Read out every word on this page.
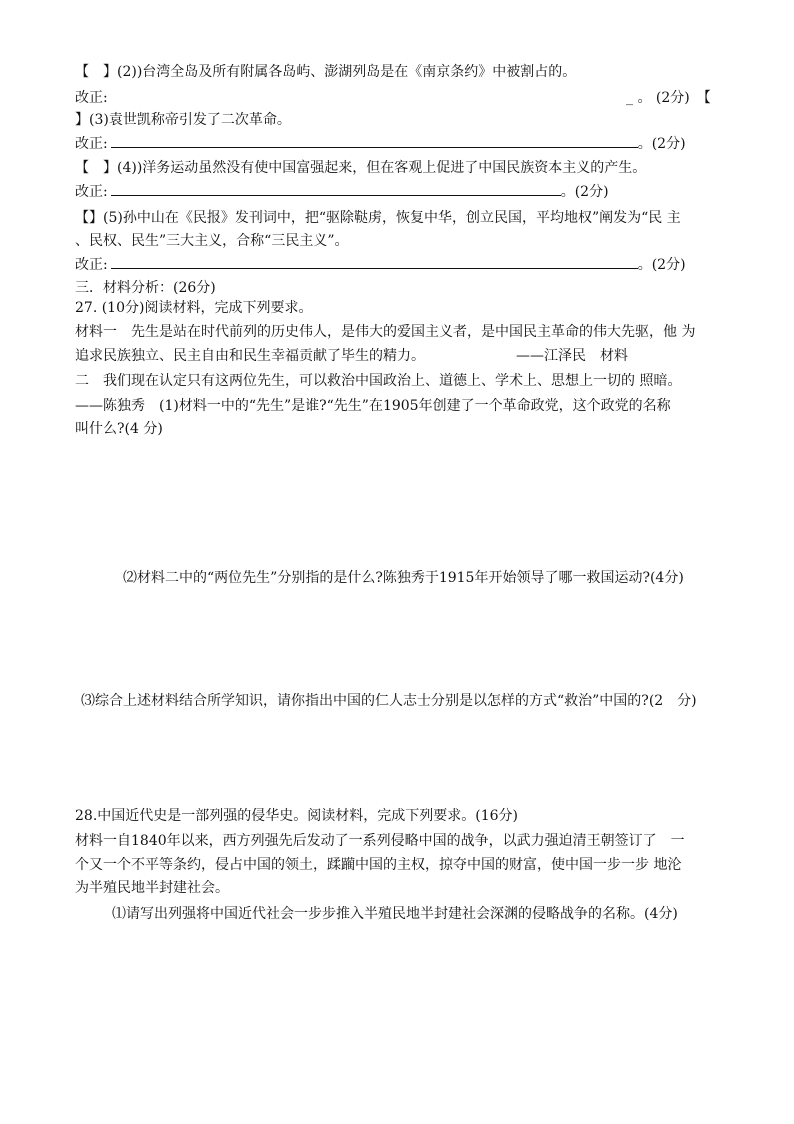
【　】(2))台湾全岛及所有附属各岛屿、澎湖列岛是在《南京条约》中被割占的。
改正:	_ 。 (2分)　【
】(3)袁世凯称帝引发了二次革命。
改正:	。(2分)
【　】(4))洋务运动虽然没有使中国富强起来，但在客观上促进了中国民族资本主义的产生。
改正:	。(2分)
【】(5)孙中山在《民报》发刊词中，把“驱除鞑虏，恢复中华，创立民国，平均地权”阐发为“民 主
、民权、民生”三大主义，合称“三民主义”。
改正:	。(2分)
三．材料分析：(26分)
27. (10分)阅读材料，完成下列要求。
材料一　先生是站在时代前列的历史伟人，是伟大的爱国主义者，是中国民主革命的伟大先驱，他 为
追求民族独立、民主自由和民生幸福贡献了毕生的精力。　　　　　　　——江泽民　材料
二　我们现在认定只有这两位先生，可以救治中国政治上、道德上、学术上、思想上一切的 照暗。
——陈独秀　(1)材料一中的“先生”是谁?“先生”在1905年创建了一个革命政党，这个政党的名称
叫什么?(4 分)
⑵材料二中的“两位先生”分别指的是什么?陈独秀于1915年开始领导了哪一救国运动?(4分)
⑶综合上述材料结合所学知识，请你指出中国的仁人志士分别是以怎样的方式“救治”中国的?(2　分)
28.中国近代史是一部列强的侵华史。阅读材料，完成下列要求。(16分)
材料一自1840年以来，西方列强先后发动了一系列侵略中国的战争，以武力强迫清王朝签订了　一
个又一个不平等条约，侵占中国的领土，蹂躏中国的主权，掠夺中国的财富，使中国一步一步 地沦
为半殖民地半封建社会。
⑴请写出列强将中国近代社会一步步推入半殖民地半封建社会深渊的侵略战争的名称。(4分)
